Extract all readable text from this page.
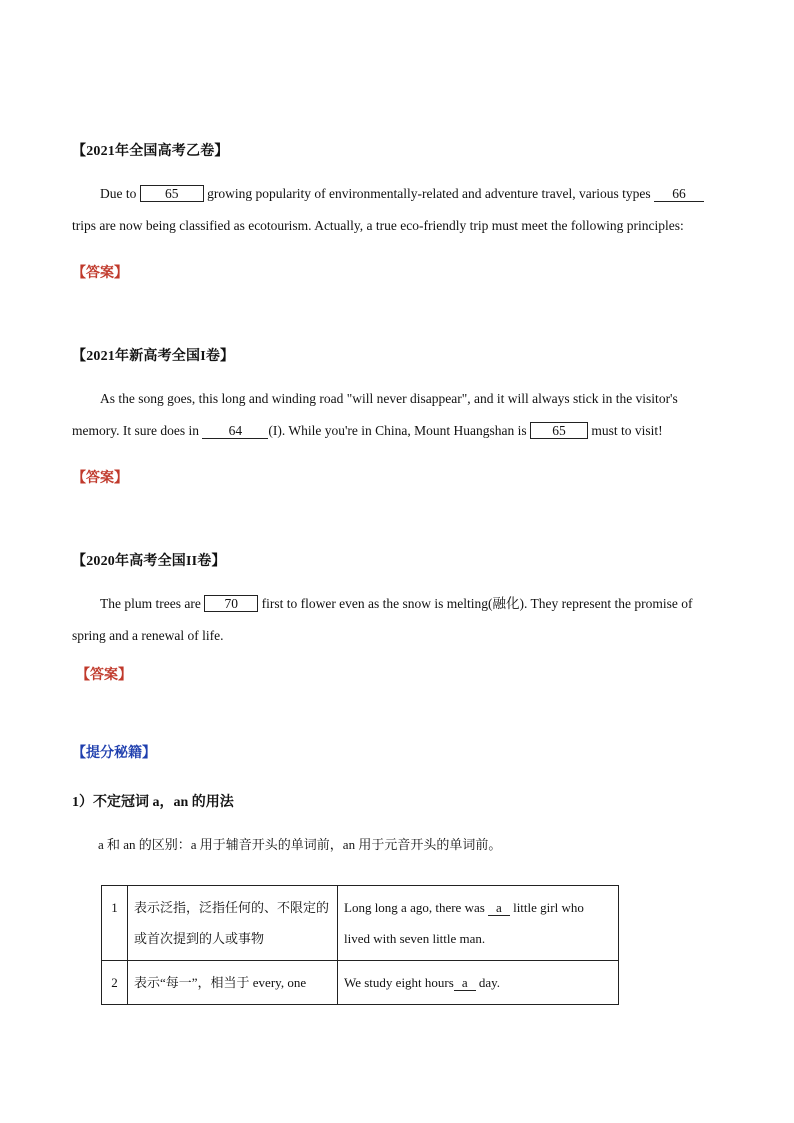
【2021年全国高考乙卷】
Due to 65 growing popularity of environmentally-related and adventure travel, various types 66
trips are now being classified as ecotourism. Actually, a true eco-friendly trip must meet the following principles:
【答案】
【2021年新高考全国I卷】
As the song goes, this long and winding road "will never disappear", and it will always stick in the visitor's
memory. It sure does in 64 (I). While you're in China, Mount Huangshan is 65 must to visit!
【答案】
【2020年高考全国II卷】
The plum trees are 70 first to flower even as the snow is melting(融化). They represent the promise of
spring and a renewal of life.
【答案】
【提分秘籍】
1）不定冠词 a，an 的用法
a 和 an 的区别：a 用于辅音开头的单词前，an 用于元音开头的单词前。
1	表示泛指，泛指任何的、不限定的或首次提到的人或事物	Long long a ago, there was a little girl who lived with seven little man.
2	表示“每一”，相当于 every, one	We study eight hours a day.
